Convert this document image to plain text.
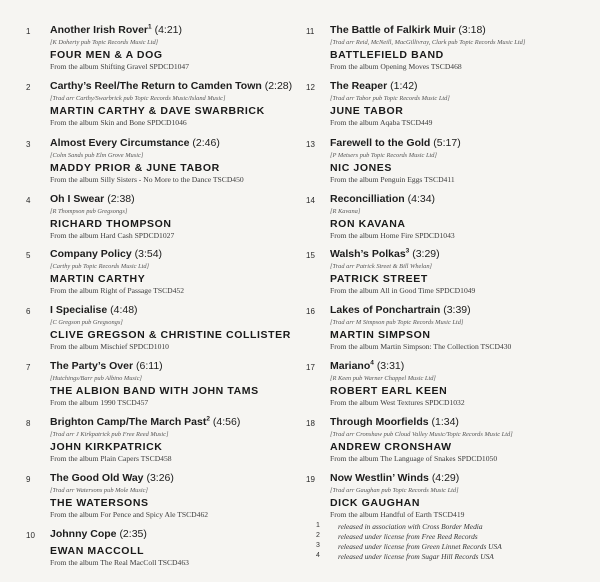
1	Another Irish Rover$^1$ (4:21)
[K Doherty pub Topic Records Music Ltd]
FOUR MEN & A DOG
From the album Shifting Gravel SPDCD1047
2	Carthy’s Reel/The Return to Camden Town (2:28)
[Trad arr Carthy/Swarbrick pub Topic Records Music/Island Music]
MARTIN CARTHY & DAVE SWARBRICK
From the album Skin and Bone SPDCD1046
3	Almost Every Circumstance (2:46)
[Colm Sands pub Elm Grove Music]
MADDY PRIOR & JUNE TABOR
From the album Silly Sisters - No More to the Dance TSCD450
4	Oh I Swear (2:38)
[R Thompson pub Gregsongs]
RICHARD THOMPSON
From the album Hard Cash SPDCD1027
5	Company Policy (3:54)
[Carthy pub Topic Records Music Ltd]
MARTIN CARTHY
From the album Right of Passage TSCD452
6	I Specialise (4:48)
[C Gregson pub Gregsongs]
CLIVE GREGSON & CHRISTINE COLLISTER
From the album Mischief SPDCD1010
7	The Party’s Over (6:11)
[Hutchings/Barr pub Albino Music]
THE ALBION BAND WITH JOHN TAMS
From the album 1990 TSCD457
8	Brighton Camp/The March Past$^2$ (4:56)
[Trad arr J Kirkpatrick pub Free Reed Music]
JOHN KIRKPATRICK
From the album Plain Capers TSCD458
9	The Good Old Way (3:26)
[Trad arr Watersons pub Mole Music]
THE WATERSONS
From the album For Pence and Spicy Ale TSCD462
10	Johnny Cope (2:35)
EWAN MACCOLL
From the album The Real MacColl TSCD463
11	The Battle of Falkirk Muir (3:18)
[Trad arr Reid, McNeill, MacGillivray, Clark pub Topic Records Music Ltd]
BATTLEFIELD BAND
From the album Opening Moves TSCD468
12	The Reaper (1:42)
[Trad arr Tabor pub Topic Records Music Ltd]
JUNE TABOR
From the album Aqaba TSCD449
13	Farewell to the Gold (5:17)
[P Metsers pub Topic Records Music Ltd]
NIC JONES
From the album Penguin Eggs TSCD411
14	Reconcilliation (4:34)
[R Kavana]
RON KAVANA
From the album Home Fire SPDCD1043
15	Walsh’s Polkas$^3$ (3:29)
[Trad arr Patrick Street & Bill Whelan]
PATRICK STREET
From the album All in Good Time SPDCD1049
16	Lakes of Ponchartrain (3:39)
[Trad arr M Simpson pub Topic Records Music Ltd]
MARTIN SIMPSON
From the album Martin Simpson: The Collection TSCD430
17	Mariano$^4$ (3:31)
[R Keen pub Warner Chappel Music Ltd]
ROBERT EARL KEEN
From the album West Textures SPDCD1032
18	Through Moorfields (1:34)
[Trad arr Cronshaw pub Cloud Valley Music/Topic Records Music Ltd]
ANDREW CRONSHAW
From the album The Language of Snakes SPDCD1050
19	Now Westlin’ Winds (4:29)
[Trad arr Gaughan pub Topic Records Music Ltd]
DICK GAUGHAN
From the album Handful of Earth TSCD419
1 released in association with Cross Border Media
2 released under license from Free Reed Records
3 released under license from Green Linnet Records USA
4 released under license from Sugar Hill Records USA
